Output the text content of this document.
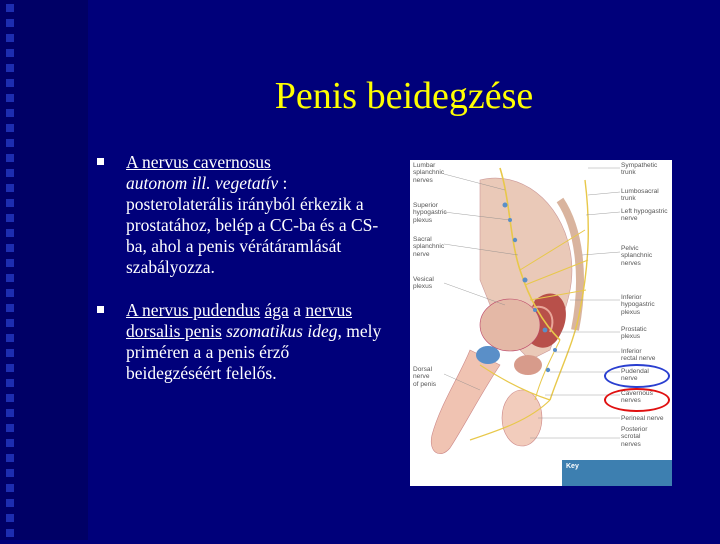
Penis beidegzése
A nervus cavernosus
autonom ill. vegetatív : posterolaterális irányból érkezik a prostatához, belép a CC-ba és a CS-ba, ahol a penis vérátáramlását szabályozza.
A nervus pudendus ága a nervus dorsalis penis szomatikus ideg, mely priméren a a penis érző beidegzéséért felelős.
Lumbar
splanchnic
nerves
Superior
hypogastric
plexus
Sacral
splanchnic
nerve
Vesical
plexus
Dorsal
nerve
of penis
Sympathetic
trunk
Lumbosacral
trunk
Left hypogastric
nerve
Pelvic
splanchnic
nerves
Inferior
hypogastric
plexus
Prostatic
plexus
Inferior
rectal nerve
Pudendal
nerve
Cavernous
nerves
Perineal nerve
Posterior
scrotal
nerves
Key
